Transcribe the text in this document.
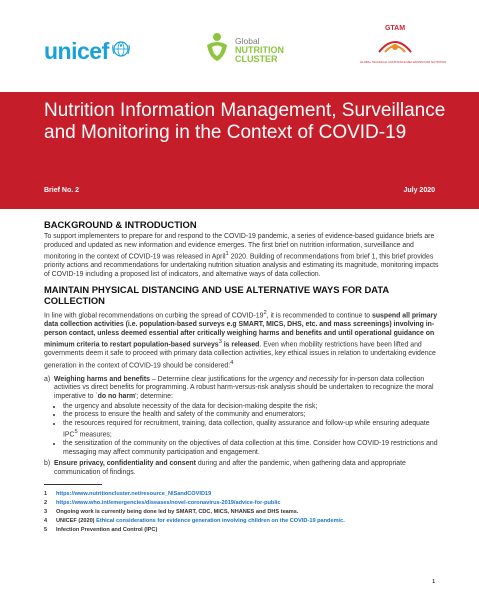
unicef	Global
NUTRITION
CLUSTER
GTAM
GLOBAL TECHNICAL ASSISTANCE MECHANISM FOR NUTRITION
Nutrition Information Management, Surveillance and Monitoring in the Context of COVID-19
Brief No. 2	July 2020
BACKGROUND & INTRODUCTION

To support implementers to prepare for and respond to the COVID-19 pandemic, a series of evidence-based guidance briefs are produced and updated as new information and evidence emerges. The first brief on nutrition information, surveillance and monitoring in the context of COVID-19 was released in April$^1$ 2020. Building of recommendations from brief 1, this brief provides priority actions and recommendations for undertaking nutrition situation analysis and estimating its magnitude, monitoring impacts of COVID-19 including a proposed list of indicators, and alternative ways of data collection.

MAINTAIN PHYSICAL DISTANCING AND USE ALTERNATIVE WAYS FOR DATA COLLECTION

In line with global recommendations on curbing the spread of COVID-$19^2$, it is recommended to continue to suspend all primary data collection activities (i.e. population-based surveys e.g SMART, MICS, DHS, etc. and mass screenings) involving in-person contact, unless deemed essential after critically weighing harms and benefits and until operational guidance on minimum criteria to restart population-based surveys$^3$ is released. Even when mobility restrictions have been lifted and governments deem it safe to proceed with primary data collection activities, key ethical issues in relation to undertaking evidence generation in the context of COVID-19 should be considered:$^4$

a) Weighing harms and benefits – Determine clear justifications for the urgency and necessity for in-person data collection activities vs direct benefits for programming. A robust harm-versus-risk analysis should be undertaken to recognize the moral imperative to `do no harm'; determine:
• the urgency and absolute necessity of the data for decision-making despite the risk;
• the process to ensure the health and safety of the community and enumerators;
• the resources required for recruitment, training, data collection, quality assurance and follow-up while ensuring adequate IPC$^5$ measures;
• the sensitization of the community on the objectives of data collection at this time. Consider how COVID-19 restrictions and messaging may affect community participation and engagement.
b) Ensure privacy, confidentiality and consent during and after the pandemic, when gathering data and appropriate communication of findings.
1	https://www.nutritioncluster.net/resource_NISandCOVID19
2	https://www.who.int/emergencies/diseases/novel-coronavirus-2019/advice-for-public
3	Ongoing work is currently being done led by SMART, CDC, MICS, NHANES and DHS teams.
4	UNICEF (2020) Ethical considerations for evidence generation involving children on the COVID-19 pandemic.
5	Infection Prevention and Control (IPC)
1
